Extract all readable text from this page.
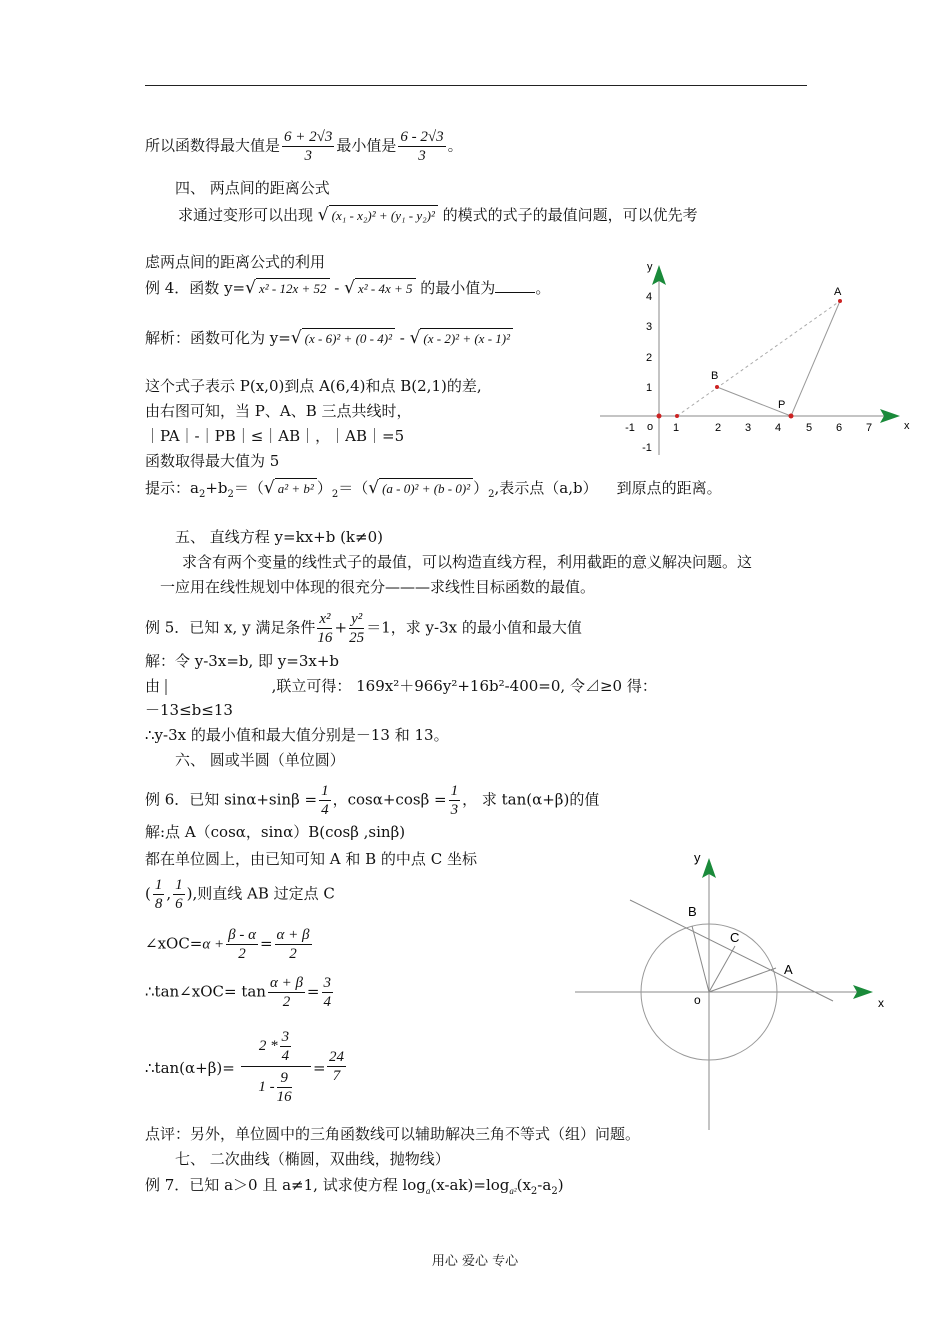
所以函数得最大值是 $\frac{6 + 2√3}{3}$ 最小值是 $\frac{6 - 2√3}{3}$ 。
四、 两点间的距离公式
求通过变形可以出现 √ (x₁ - x₂)² + (y₁ - y₂)² 的模式的式子的最值问题，可以优先考
虑两点间的距离公式的利用
例 4．函数 y=√ x² - 12x + 52 - √ x² - 4x + 5 的最小值为	。
解析：函数可化为 y=√ (x - 6)² + (0 - 4)² - √ (x - 2)² + (x - 1)²
这个式子表示 P(x,0)到点 A(6,4)和点 B(2,1)的差,
由右图可知，当 P、A、B 三点共线时，
｜PA｜-｜PB｜≤｜AB｜，｜AB｜=5
函数取得最大值为 5
提示：$a_2+b_2=(√$ a² + b² ）$_2=(√$ (a - 0)² + (b - 0)² ）$_2$,表示点（a,b） 到原点的距离。
五、 直线方程 y=kx+b (k≠0)
求含有两个变量的线性式子的最值，可以构造直线方程，利用截距的意义解决问题。这
一应用在线性规划中体现的很充分———求线性目标函数的最值。
例 5．已知 x, y 满足条件 $\frac{\text{x²}}{16} + \frac{\text{y²}}{25} =1$，求 y-3x 的最小值和最大值
解：令 y-3x=b, 即 y=3x+b
由	,联立可得： 169x²＋966y²+16b²-400=0, 令⊿≥0 得：
－13≤b≤13
∴y-3x 的最小值和最大值分别是－13 和 13。
六、 圆或半圆（单位圆）
例 6．已知 $\sin\alpha+\sin\beta = \frac{1}{4}$ ，$\cos\alpha+\cos\beta = \frac{1}{3}$ ， 求 tan(α+β)的值
解:点 A（cosα，sinα）B(cosβ ,sinβ)
都在单位圆上，由已知可知 A 和 B 的中点 C 坐标
( $\frac{1}{8}$ , $\frac{1}{6}$ ),则直线 AB 过定点 C
∠xOC=α + $\frac{\beta - \alpha}{2} = \frac{\alpha + \beta}{2}$
∴tan∠xOC= $\tan \frac{\alpha + \beta}{2} = \frac{3}{4}$
∴tan(α+β)=
$2 * \frac{3}{4}$
$1 - \frac{9}{16}$
= $\frac{24}{7}$
点评：另外，单位圆中的三角函数线可以辅助解决三角不等式（组）问题。
七、 二次曲线（椭圆，双曲线，抛物线）
例 7．已知 a＞0 且 a≠1, 试求使方程 $\log_a(x-ak)=\log_{a^2}(x_2-a_2)$
y
x
o
-1	1	2 3 4 5 6 7
4
3
2
1
-1
A
B
P
y
x
o
B
C
A
用心 爱心 专心
